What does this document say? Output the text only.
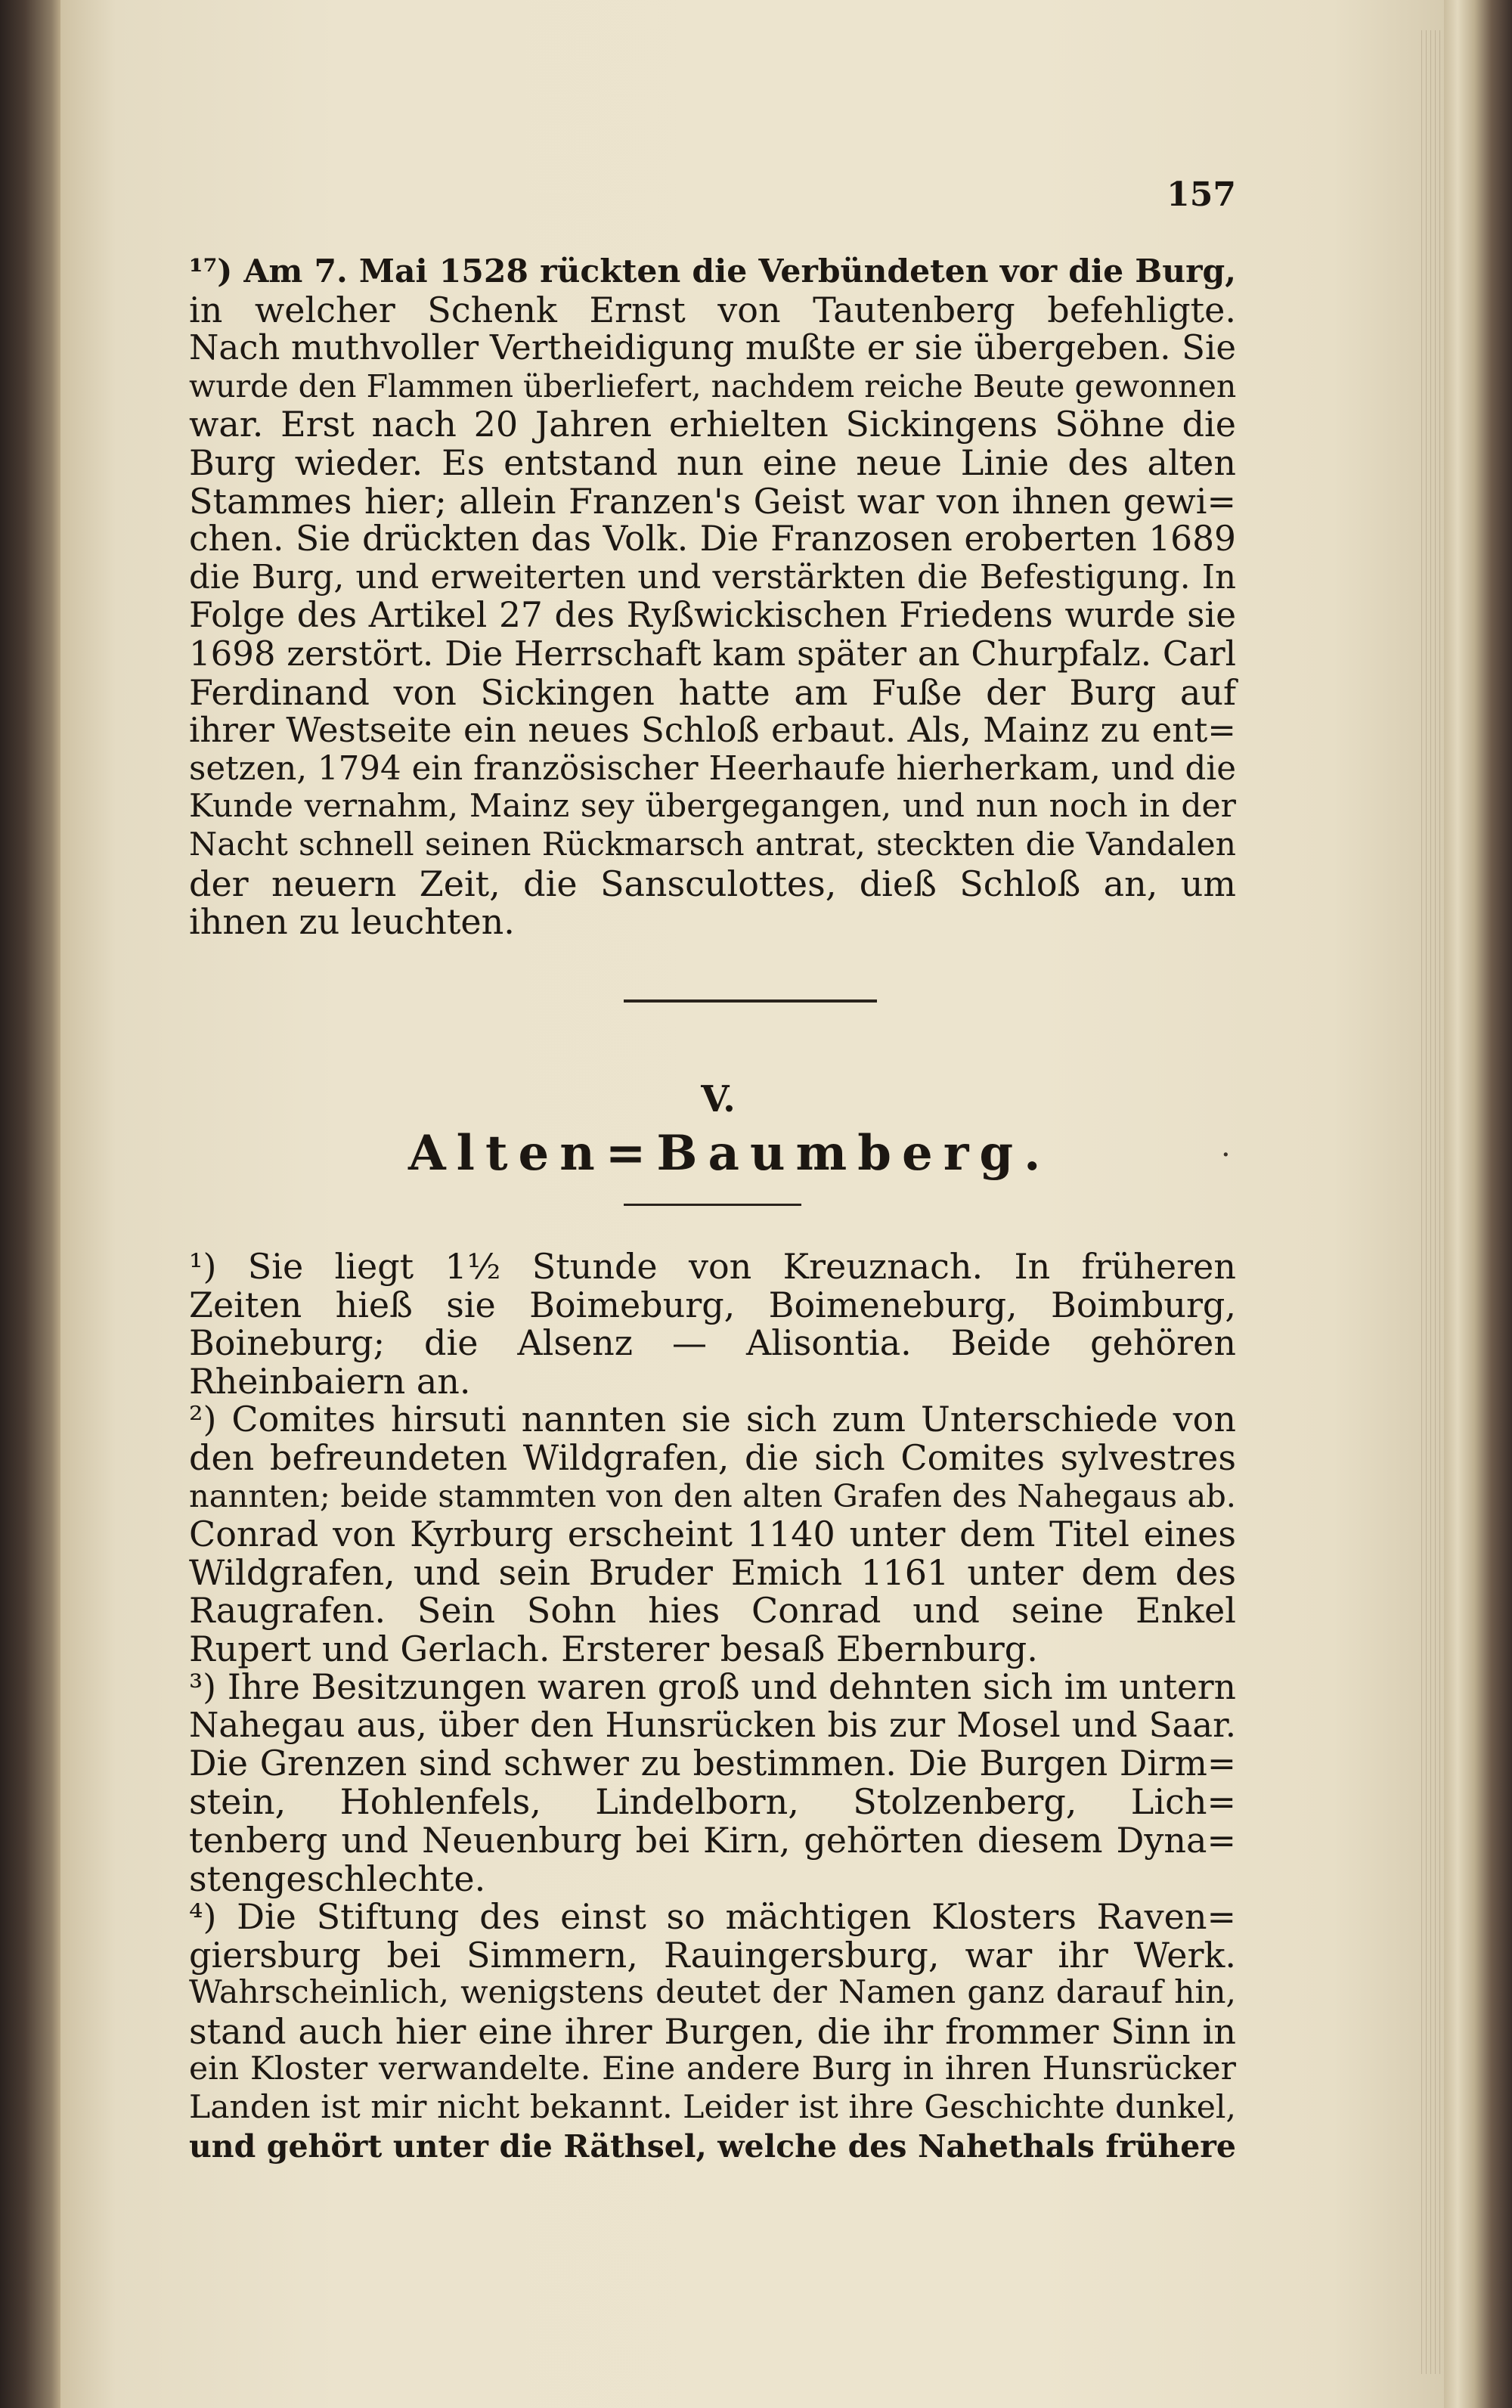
157
¹⁷) Am 7. Mai 1528 rückten die Verbündeten vor die Burg,
in welcher Schenk Ernst von Tautenberg befehligte.
Nach muthvoller Vertheidigung mußte er sie übergeben. Sie
wurde den Flammen überliefert, nachdem reiche Beute gewonnen
war. Erst nach 20 Jahren erhielten Sickingens Söhne die
Burg wieder. Es entstand nun eine neue Linie des alten
Stammes hier; allein Franzen's Geist war von ihnen gewi=
chen. Sie drückten das Volk. Die Franzosen eroberten 1689
die Burg, und erweiterten und verstärkten die Befestigung. In
Folge des Artikel 27 des Ryßwickischen Friedens wurde sie
1698 zerstört. Die Herrschaft kam später an Churpfalz. Carl
Ferdinand von Sickingen hatte am Fuße der Burg auf
ihrer Westseite ein neues Schloß erbaut. Als, Mainz zu ent=
setzen, 1794 ein französischer Heerhaufe hierherkam, und die
Kunde vernahm, Mainz sey übergegangen, und nun noch in der
Nacht schnell seinen Rückmarsch antrat, steckten die Vandalen
der neuern Zeit, die Sansculottes, dieß Schloß an, um
ihnen zu leuchten.
V.
Alten=Baumberg.	·
¹) Sie liegt 1½ Stunde von Kreuznach. In früheren
Zeiten hieß sie Boimeburg, Boimeneburg, Boimburg,
Boineburg; die Alsenz — Alisontia. Beide gehören
Rheinbaiern an.
²) Comites hirsuti nannten sie sich zum Unterschiede von
den befreundeten Wildgrafen, die sich Comites sylvestres
nannten; beide stammten von den alten Grafen des Nahegaus ab.
Conrad von Kyrburg erscheint 1140 unter dem Titel eines
Wildgrafen, und sein Bruder Emich 1161 unter dem des
Raugrafen. Sein Sohn hies Conrad und seine Enkel
Rupert und Gerlach. Ersterer besaß Ebernburg.
³) Ihre Besitzungen waren groß und dehnten sich im untern
Nahegau aus, über den Hunsrücken bis zur Mosel und Saar.
Die Grenzen sind schwer zu bestimmen. Die Burgen Dirm=
stein, Hohlenfels, Lindelborn, Stolzenberg, Lich=
tenberg und Neuenburg bei Kirn, gehörten diesem Dyna=
stengeschlechte.
⁴) Die Stiftung des einst so mächtigen Klosters Raven=
giersburg bei Simmern, Rauingersburg, war ihr Werk.
Wahrscheinlich, wenigstens deutet der Namen ganz darauf hin,
stand auch hier eine ihrer Burgen, die ihr frommer Sinn in
ein Kloster verwandelte. Eine andere Burg in ihren Hunsrücker
Landen ist mir nicht bekannt. Leider ist ihre Geschichte dunkel,
und gehört unter die Räthsel, welche des Nahethals frühere
